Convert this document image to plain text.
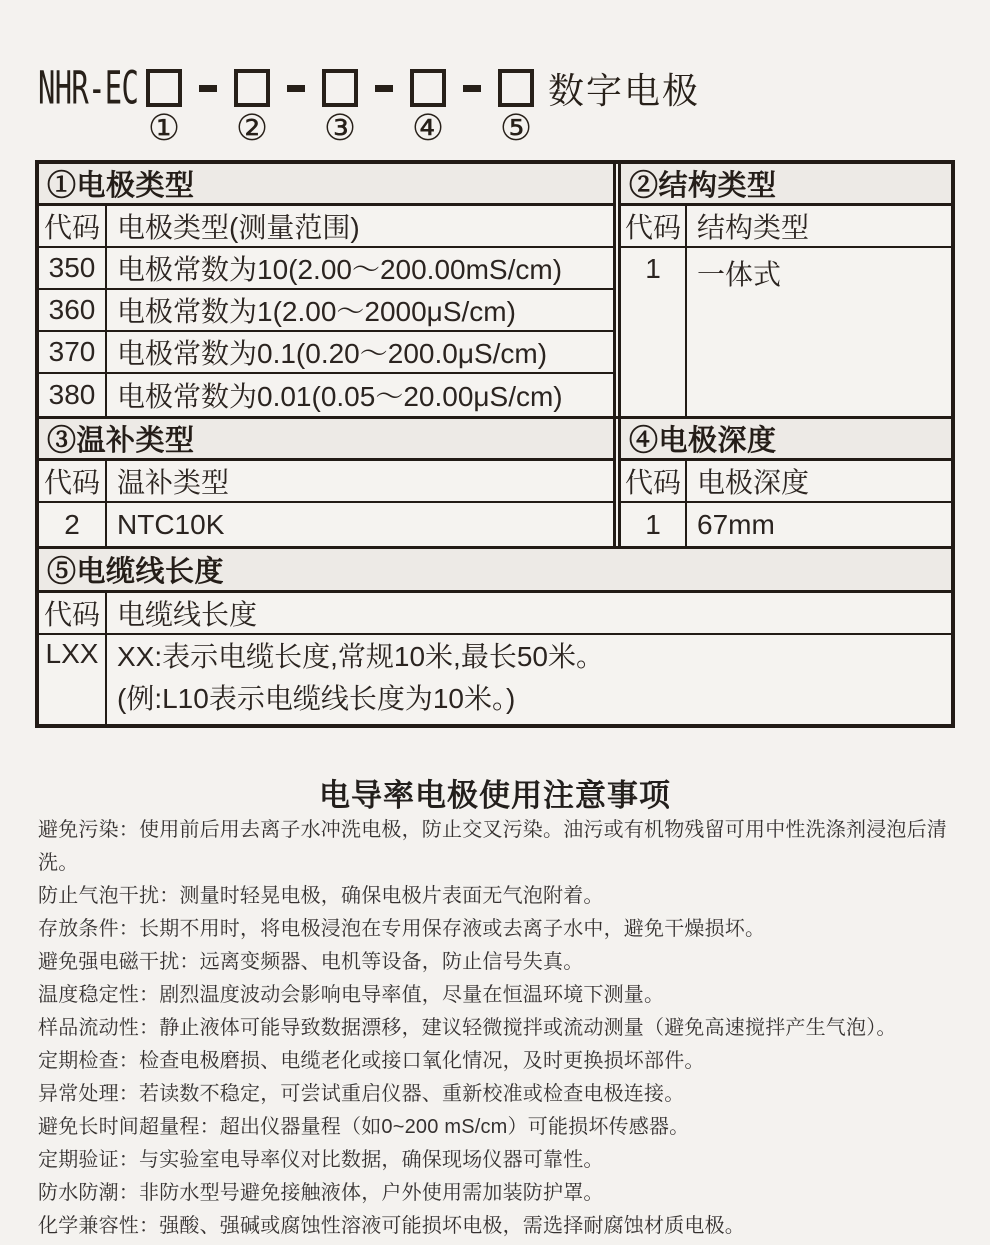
NHR-EC	数字电极
① ② ③ ④ ⑤
①电极类型
代码 电极类型(测量范围)
350 电极常数为10(2.00～200.00mS/cm)
360 电极常数为1(2.00～2000μS/cm)
370 电极常数为0.1(0.20～200.0μS/cm)
380 电极常数为0.01(0.05～20.00μS/cm)
②结构类型
代码 结构类型
1	一体式
③温补类型
代码 温补类型
2	NTC10K
④电极深度
代码 电极深度
1	67mm
⑤电缆线长度
代码 电缆线长度
LXX XX:表示电缆长度,常规10米,最长50米。
(例:L10表示电缆线长度为10米。)
电导率电极使用注意事项
避免污染：使用前后用去离子水冲洗电极，防止交叉污染。油污或有机物残留可用中性洗涤剂浸泡后清洗。
防止气泡干扰：测量时轻晃电极，确保电极片表面无气泡附着。
存放条件：长期不用时，将电极浸泡在专用保存液或去离子水中，避免干燥损坏。
避免强电磁干扰：远离变频器、电机等设备，防止信号失真。
温度稳定性：剧烈温度波动会影响电导率值，尽量在恒温环境下测量。
样品流动性：静止液体可能导致数据漂移，建议轻微搅拌或流动测量（避免高速搅拌产生气泡）。
定期检查：检查电极磨损、电缆老化或接口氧化情况，及时更换损坏部件。
异常处理：若读数不稳定，可尝试重启仪器、重新校准或检查电极连接。
避免长时间超量程：超出仪器量程（如0~200 mS/cm）可能损坏传感器。
定期验证：与实验室电导率仪对比数据，确保现场仪器可靠性。
防水防潮：非防水型号避免接触液体，户外使用需加装防护罩。
化学兼容性：强酸、强碱或腐蚀性溶液可能损坏电极，需选择耐腐蚀材质电极。
